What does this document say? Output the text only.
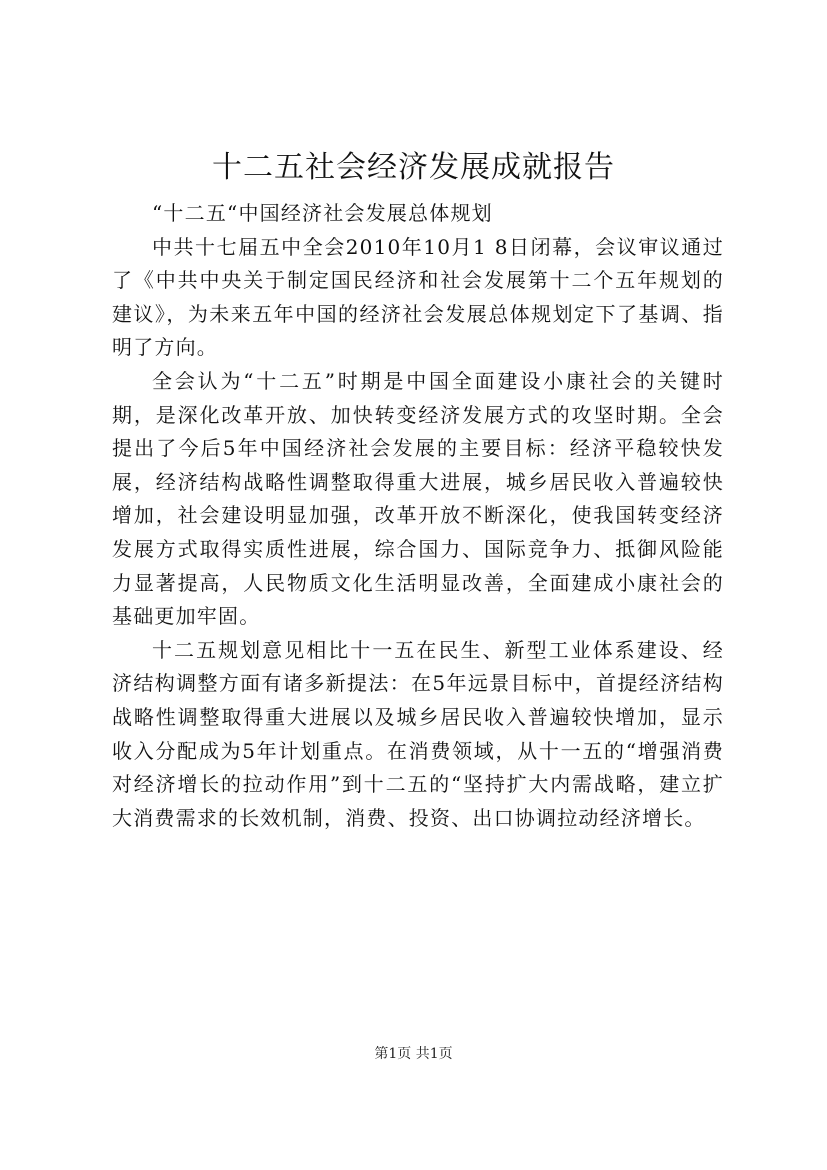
十二五社会经济发展成就报告

“十二五“中国经济社会发展总体规划

中共十七届五中全会2010年10月1 8日闭幕，会议审议通过了《中共中央关于制定国民经济和社会发展第十二个五年规划的建议》，为未来五年中国的经济社会发展总体规划定下了基调、指明了方向。

全会认为“十二五”时期是中国全面建设小康社会的关键时期，是深化改革开放、加快转变经济发展方式的攻坚时期。全会提出了今后5年中国经济社会发展的主要目标：经济平稳较快发展，经济结构战略性调整取得重大进展，城乡居民收入普遍较快增加，社会建设明显加强，改革开放不断深化，使我国转变经济发展方式取得实质性进展，综合国力、国际竞争力、抵御风险能力显著提高，人民物质文化生活明显改善，全面建成小康社会的基础更加牢固。

十二五规划意见相比十一五在民生、新型工业体系建设、经济结构调整方面有诸多新提法：在5年远景目标中，首提经济结构战略性调整取得重大进展以及城乡居民收入普遍较快增加，显示收入分配成为5年计划重点。在消费领域，从十一五的“增强消费对经济增长的拉动作用”到十二五的“坚持扩大内需战略，建立扩大消费需求的长效机制，消费、投资、出口协调拉动经济增长。

第1页 共1页
